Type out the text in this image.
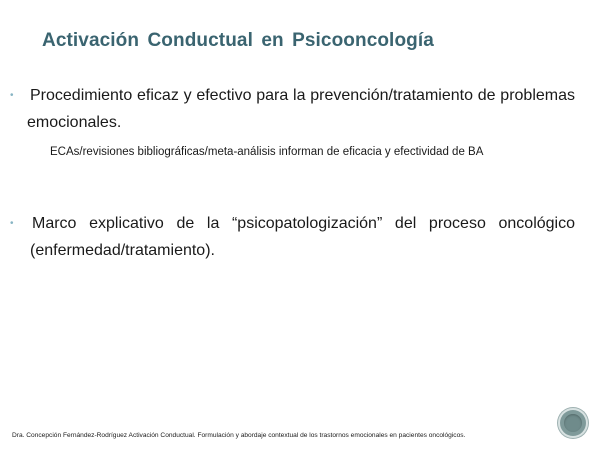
Activación Conductual en Psicooncología
•	Procedimiento eficaz y efectivo para la prevención/tratamiento de problemas emocionales.
ECAs/revisiones bibliográficas/meta-análisis informan de eficacia y efectividad de BA
•	Marco explicativo de la “psicopatologización” del proceso oncológico (enfermedad/tratamiento).
Dra. Concepción Fernández-Rodríguez Activación Conductual. Formulación y abordaje contextual de los trastornos emocionales en pacientes oncológicos.
